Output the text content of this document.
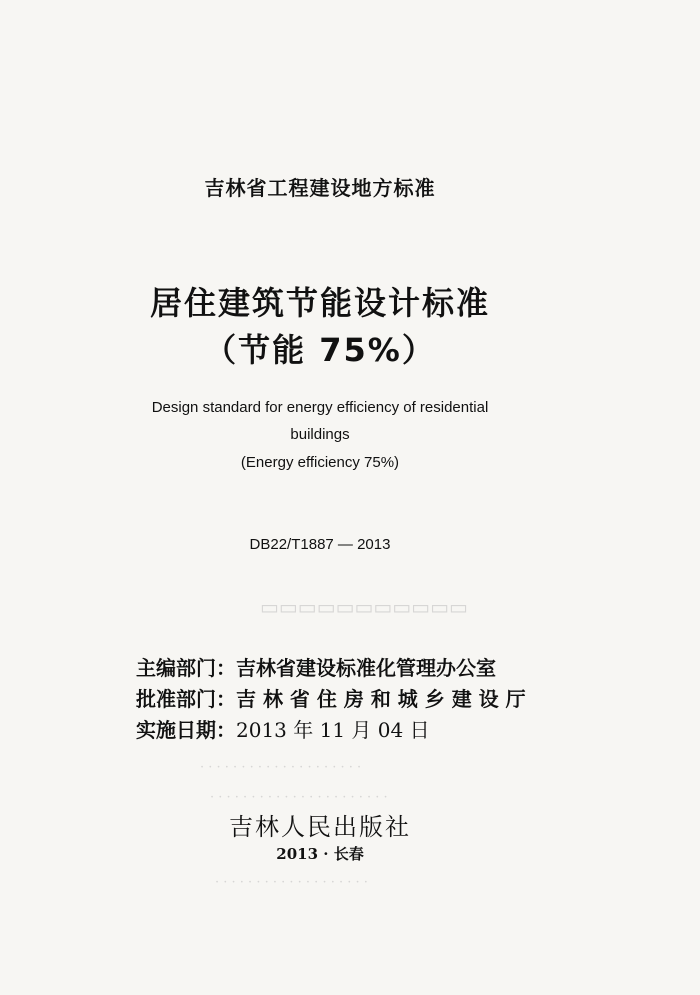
▭▭▭▭▭▭▭▭▭▭▭
· · · · · · · · · · · · · · · · · · · ·
· · · · · · · · · · · · · · · · · · · · · ·
· · · · · · · · · · · · · · · · · · ·
吉林省工程建设地方标准
居住建筑节能设计标准
（节能 75%）
Design standard for energy efficiency of residential
buildings
(Energy efficiency 75%)
DB22/T1887 — 2013
主编部门：吉林省建设标准化管理办公室
批准部门：吉 林 省 住 房 和 城 乡 建 设 厅
实施日期：2013 年 11 月 04 日
吉林人民出版社
2013 · 长春
